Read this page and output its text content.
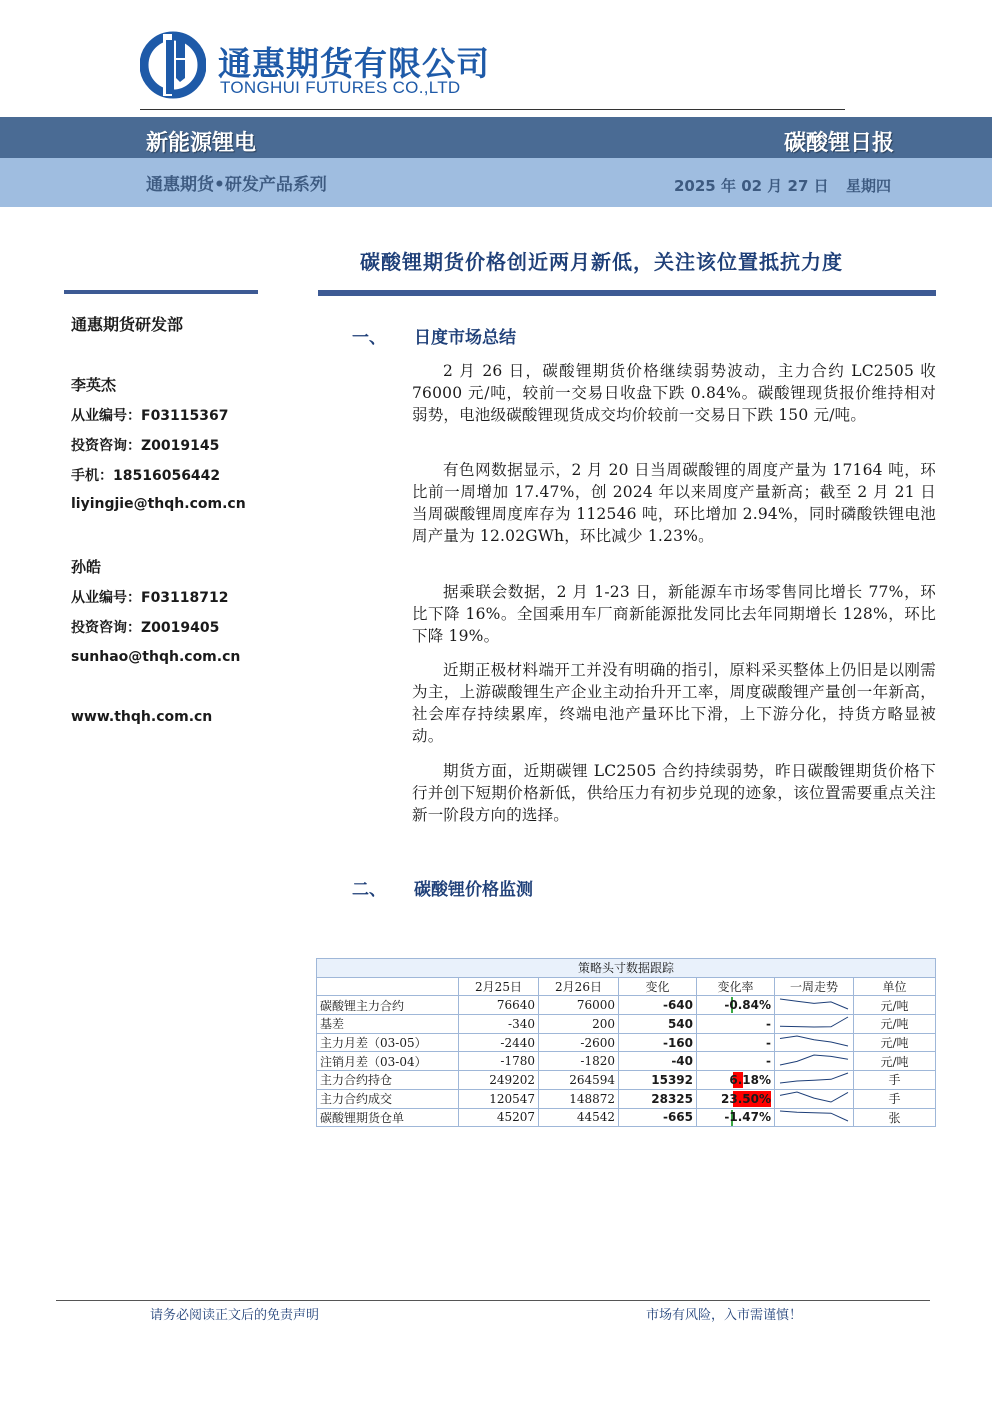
通惠期货有限公司
TONGHUI FUTURES CO.,LTD
新能源锂电	碳酸锂日报
通惠期货•研发产品系列	2025 年 02 月 27 日 星期四
碳酸锂期货价格创近两月新低，关注该位置抵抗力度
通惠期货研发部
李英杰
从业编号：F03115367
投资咨询：Z0019145
手机：18516056442
liyingjie@thqh.com.cn
孙皓
从业编号：F03118712
投资咨询：Z0019405
sunhao@thqh.com.cn
www.thqh.com.cn
一、 日度市场总结

2 月 26 日，碳酸锂期货价格继续弱势波动，主力合约 LC2505 收 76000 元/吨，较前一交易日收盘下跌 0.84%。碳酸锂现货报价维持相对弱势，电池级碳酸锂现货成交均价较前一交易日下跌 150 元/吨。

有色网数据显示，2 月 20 日当周碳酸锂的周度产量为 17164 吨，环比前一周增加 17.47%，创 2024 年以来周度产量新高；截至 2 月 21 日当周碳酸锂周度库存为 112546 吨，环比增加 2.94%，同时磷酸铁锂电池周产量为 12.02GWh，环比减少 1.23%。

据乘联会数据，2 月 1-23 日，新能源车市场零售同比增长 77%，环比下降 16%。全国乘用车厂商新能源批发同比去年同期增长 128%，环比下降 19%。

近期正极材料端开工并没有明确的指引，原料采买整体上仍旧是以刚需为主，上游碳酸锂生产企业主动抬升开工率，周度碳酸锂产量创一年新高，社会库存持续累库，终端电池产量环比下滑，上下游分化，持货方略显被动。

期货方面，近期碳锂 LC2505 合约持续弱势，昨日碳酸锂期货价格下行并创下短期价格新低，供给压力有初步兑现的迹象，该位置需要重点关注新一阶段方向的选择。

二、 碳酸锂价格监测
策略头寸数据跟踪						
	2月25日	2月26日	变化	变化率	一周走势	单位
碳酸锂主力合约	76640	76000	-640	-0.84%		元/吨
基差	-340	200	540	-		元/吨
主力月差（03-05）	-2440	-2600	-160	-		元/吨
注销月差（03-04）	-1780	-1820	-40	-		元/吨
主力合约持仓	249202	264594	15392	6.18%		手
主力合约成交	120547	148872	28325	23.50%		手
碳酸锂期货仓单	45207	44542	-665	-1.47%		张
请务必阅读正文后的免责声明	市场有风险，入市需谨慎！
